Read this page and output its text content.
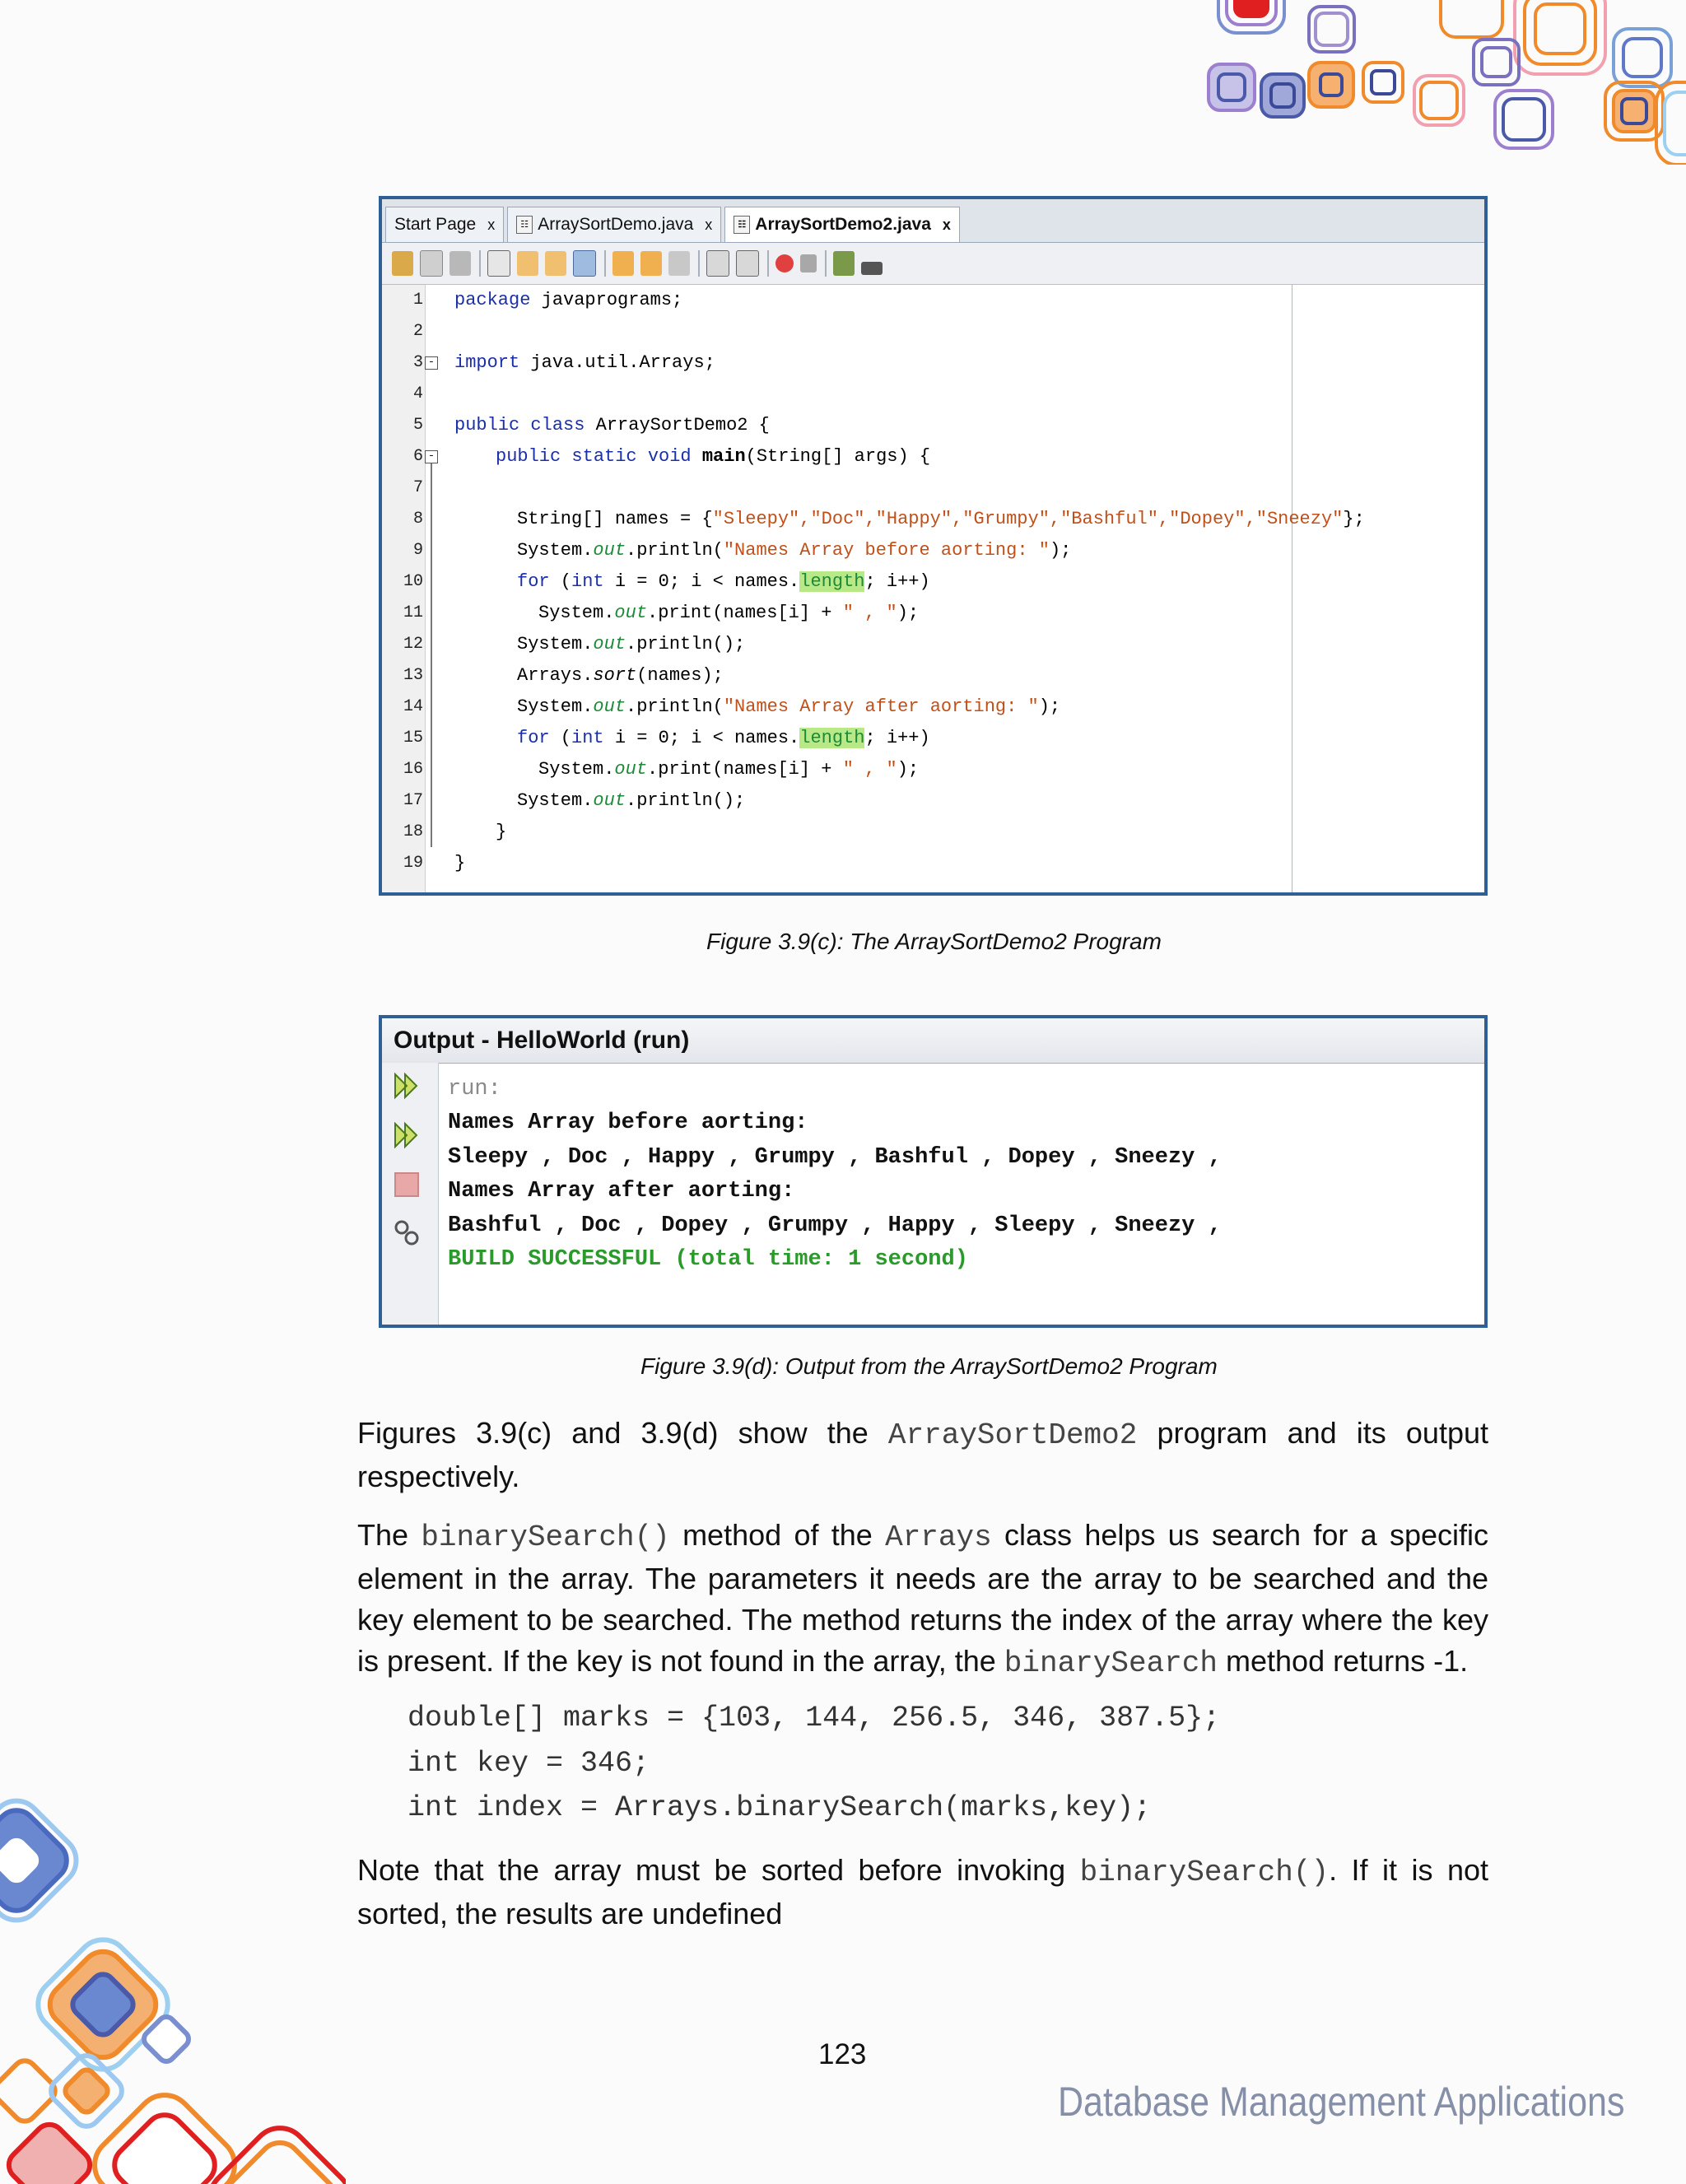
Start Page x	☷ ArraySortDemo.java x	☷ ArraySortDemo2.java x
1
2
3
4
5
6
7
8
9
10
11
12
13
14
15
16
17
18
19
-
-
package javaprograms;
import java.util.Arrays;
public class ArraySortDemo2 {
public static void main(String[] args) {
String[] names = {"Sleepy","Doc","Happy","Grumpy","Bashful","Dopey","Sneezy"};
System.out.println("Names Array before aorting: ");
for (int i = 0; i < names.length; i++)
System.out.print(names[i] + " , ");
System.out.println();
Arrays.sort(names);
System.out.println("Names Array after aorting: ");
for (int i = 0; i < names.length; i++)
System.out.print(names[i] + " , ");
System.out.println();
}
}
Figure 3.9(c): The ArraySortDemo2 Program
Output - HelloWorld (run)
run:
Names Array before aorting:
Sleepy , Doc , Happy , Grumpy , Bashful , Dopey , Sneezy ,
Names Array after aorting:
Bashful , Doc , Dopey , Grumpy , Happy , Sleepy , Sneezy ,
BUILD SUCCESSFUL (total time: 1 second)
Figure 3.9(d): Output from the ArraySortDemo2 Program
Figures 3.9(c) and 3.9(d) show the ArraySortDemo2 program and its output respectively.
The binarySearch() method of the Arrays class helps us search for a specific element in the array. The parameters it needs are the array to be searched and the key element to be searched. The method returns the index of the array where the key is present. If the key is not found in the array, the binarySearch method returns -1.
double[] marks = {103, 144, 256.5, 346, 387.5};
int key = 346;
int index = Arrays.binarySearch(marks,key);
Note that the array must be sorted before invoking binarySearch(). If it is not sorted, the results are undefined
123
Database Management Applications
